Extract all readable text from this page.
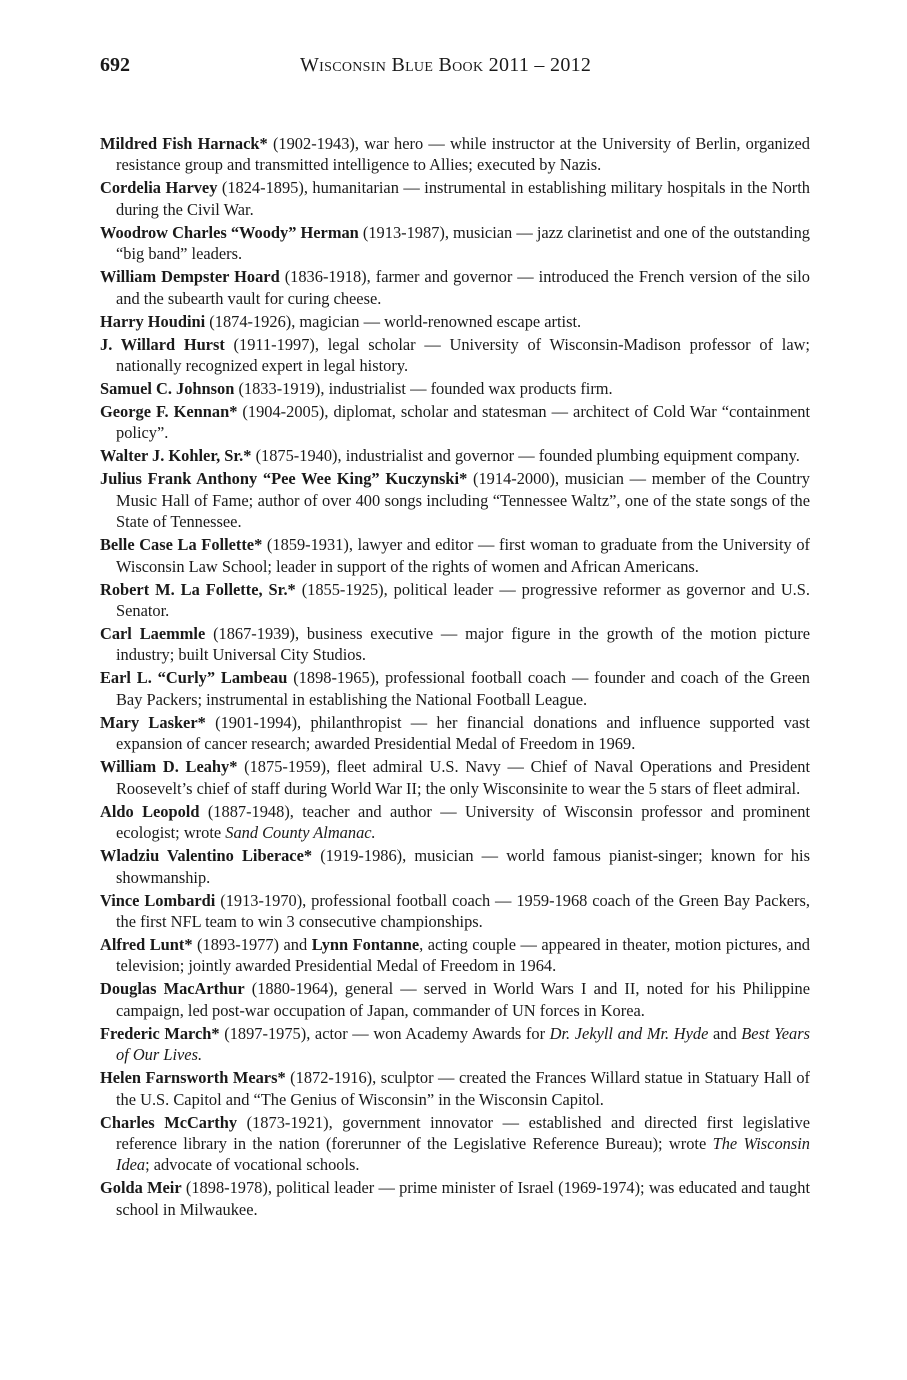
692	Wisconsin Blue Book 2011 – 2012

Mildred Fish Harnack* (1902-1943), war hero — while instructor at the University of Berlin, organized resistance group and transmitted intelligence to Allies; executed by Nazis.

Cordelia Harvey (1824-1895), humanitarian — instrumental in establishing military hospitals in the North during the Civil War.

Woodrow Charles “Woody” Herman (1913-1987), musician — jazz clarinetist and one of the outstanding “big band” leaders.

William Dempster Hoard (1836-1918), farmer and governor — introduced the French version of the silo and the subearth vault for curing cheese.

Harry Houdini (1874-1926), magician — world-renowned escape artist.

J. Willard Hurst (1911-1997), legal scholar — University of Wisconsin-Madison professor of law; nationally recognized expert in legal history.

Samuel C. Johnson (1833-1919), industrialist — founded wax products firm.

George F. Kennan* (1904-2005), diplomat, scholar and statesman — architect of Cold War “containment policy”.

Walter J. Kohler, Sr.* (1875-1940), industrialist and governor — founded plumbing equipment company.

Julius Frank Anthony “Pee Wee King” Kuczynski* (1914-2000), musician — member of the Country Music Hall of Fame; author of over 400 songs including “Tennessee Waltz”, one of the state songs of the State of Tennessee.

Belle Case La Follette* (1859-1931), lawyer and editor — first woman to graduate from the University of Wisconsin Law School; leader in support of the rights of women and African Americans.

Robert M. La Follette, Sr.* (1855-1925), political leader — progressive reformer as governor and U.S. Senator.

Carl Laemmle (1867-1939), business executive — major figure in the growth of the motion picture industry; built Universal City Studios.

Earl L. “Curly” Lambeau (1898-1965), professional football coach — founder and coach of the Green Bay Packers; instrumental in establishing the National Football League.

Mary Lasker* (1901-1994), philanthropist — her financial donations and influence supported vast expansion of cancer research; awarded Presidential Medal of Freedom in 1969.

William D. Leahy* (1875-1959), fleet admiral U.S. Navy — Chief of Naval Operations and President Roosevelt’s chief of staff during World War II; the only Wisconsinite to wear the 5 stars of fleet admiral.

Aldo Leopold (1887-1948), teacher and author — University of Wisconsin professor and prominent ecologist; wrote Sand County Almanac.

Wladziu Valentino Liberace* (1919-1986), musician — world famous pianist-singer; known for his showmanship.

Vince Lombardi (1913-1970), professional football coach — 1959-1968 coach of the Green Bay Packers, the first NFL team to win 3 consecutive championships.

Alfred Lunt* (1893-1977) and Lynn Fontanne, acting couple — appeared in theater, motion pictures, and television; jointly awarded Presidential Medal of Freedom in 1964.

Douglas MacArthur (1880-1964), general — served in World Wars I and II, noted for his Philippine campaign, led post-war occupation of Japan, commander of UN forces in Korea.

Frederic March* (1897-1975), actor — won Academy Awards for Dr. Jekyll and Mr. Hyde and Best Years of Our Lives.

Helen Farnsworth Mears* (1872-1916), sculptor — created the Frances Willard statue in Statuary Hall of the U.S. Capitol and “The Genius of Wisconsin” in the Wisconsin Capitol.

Charles McCarthy (1873-1921), government innovator — established and directed first legislative reference library in the nation (forerunner of the Legislative Reference Bureau); wrote The Wisconsin Idea; advocate of vocational schools.

Golda Meir (1898-1978), political leader — prime minister of Israel (1969-1974); was educated and taught school in Milwaukee.
